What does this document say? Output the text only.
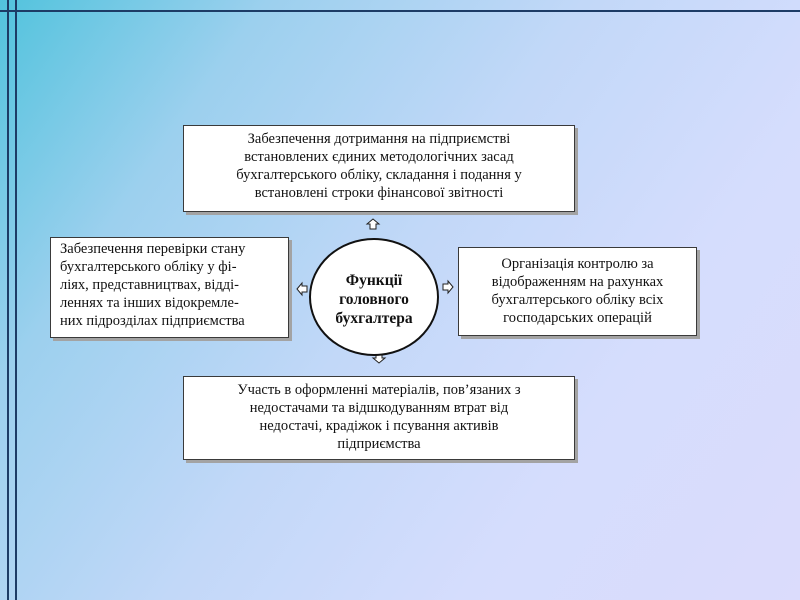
Забезпечення дотримання на підприємстві
встановлених єдиних методологічних засад
бухгалтерського обліку, складання і подання у
встановлені строки фінансової звітності
Забезпечення перевірки стану
бухгалтерського обліку у фі-
ліях, представництвах, відді-
леннях та інших відокремле-
них підрозділах підприємства
Організація контролю за
відображенням на рахунках
бухгалтерського обліку всіх
господарських операцій
Участь в оформленні матеріалів, пов’язаних з
недостачами та відшкодуванням втрат від
недостачі, крадіжок і псування активів
підприємства
Функції
головного
бухгалтера
